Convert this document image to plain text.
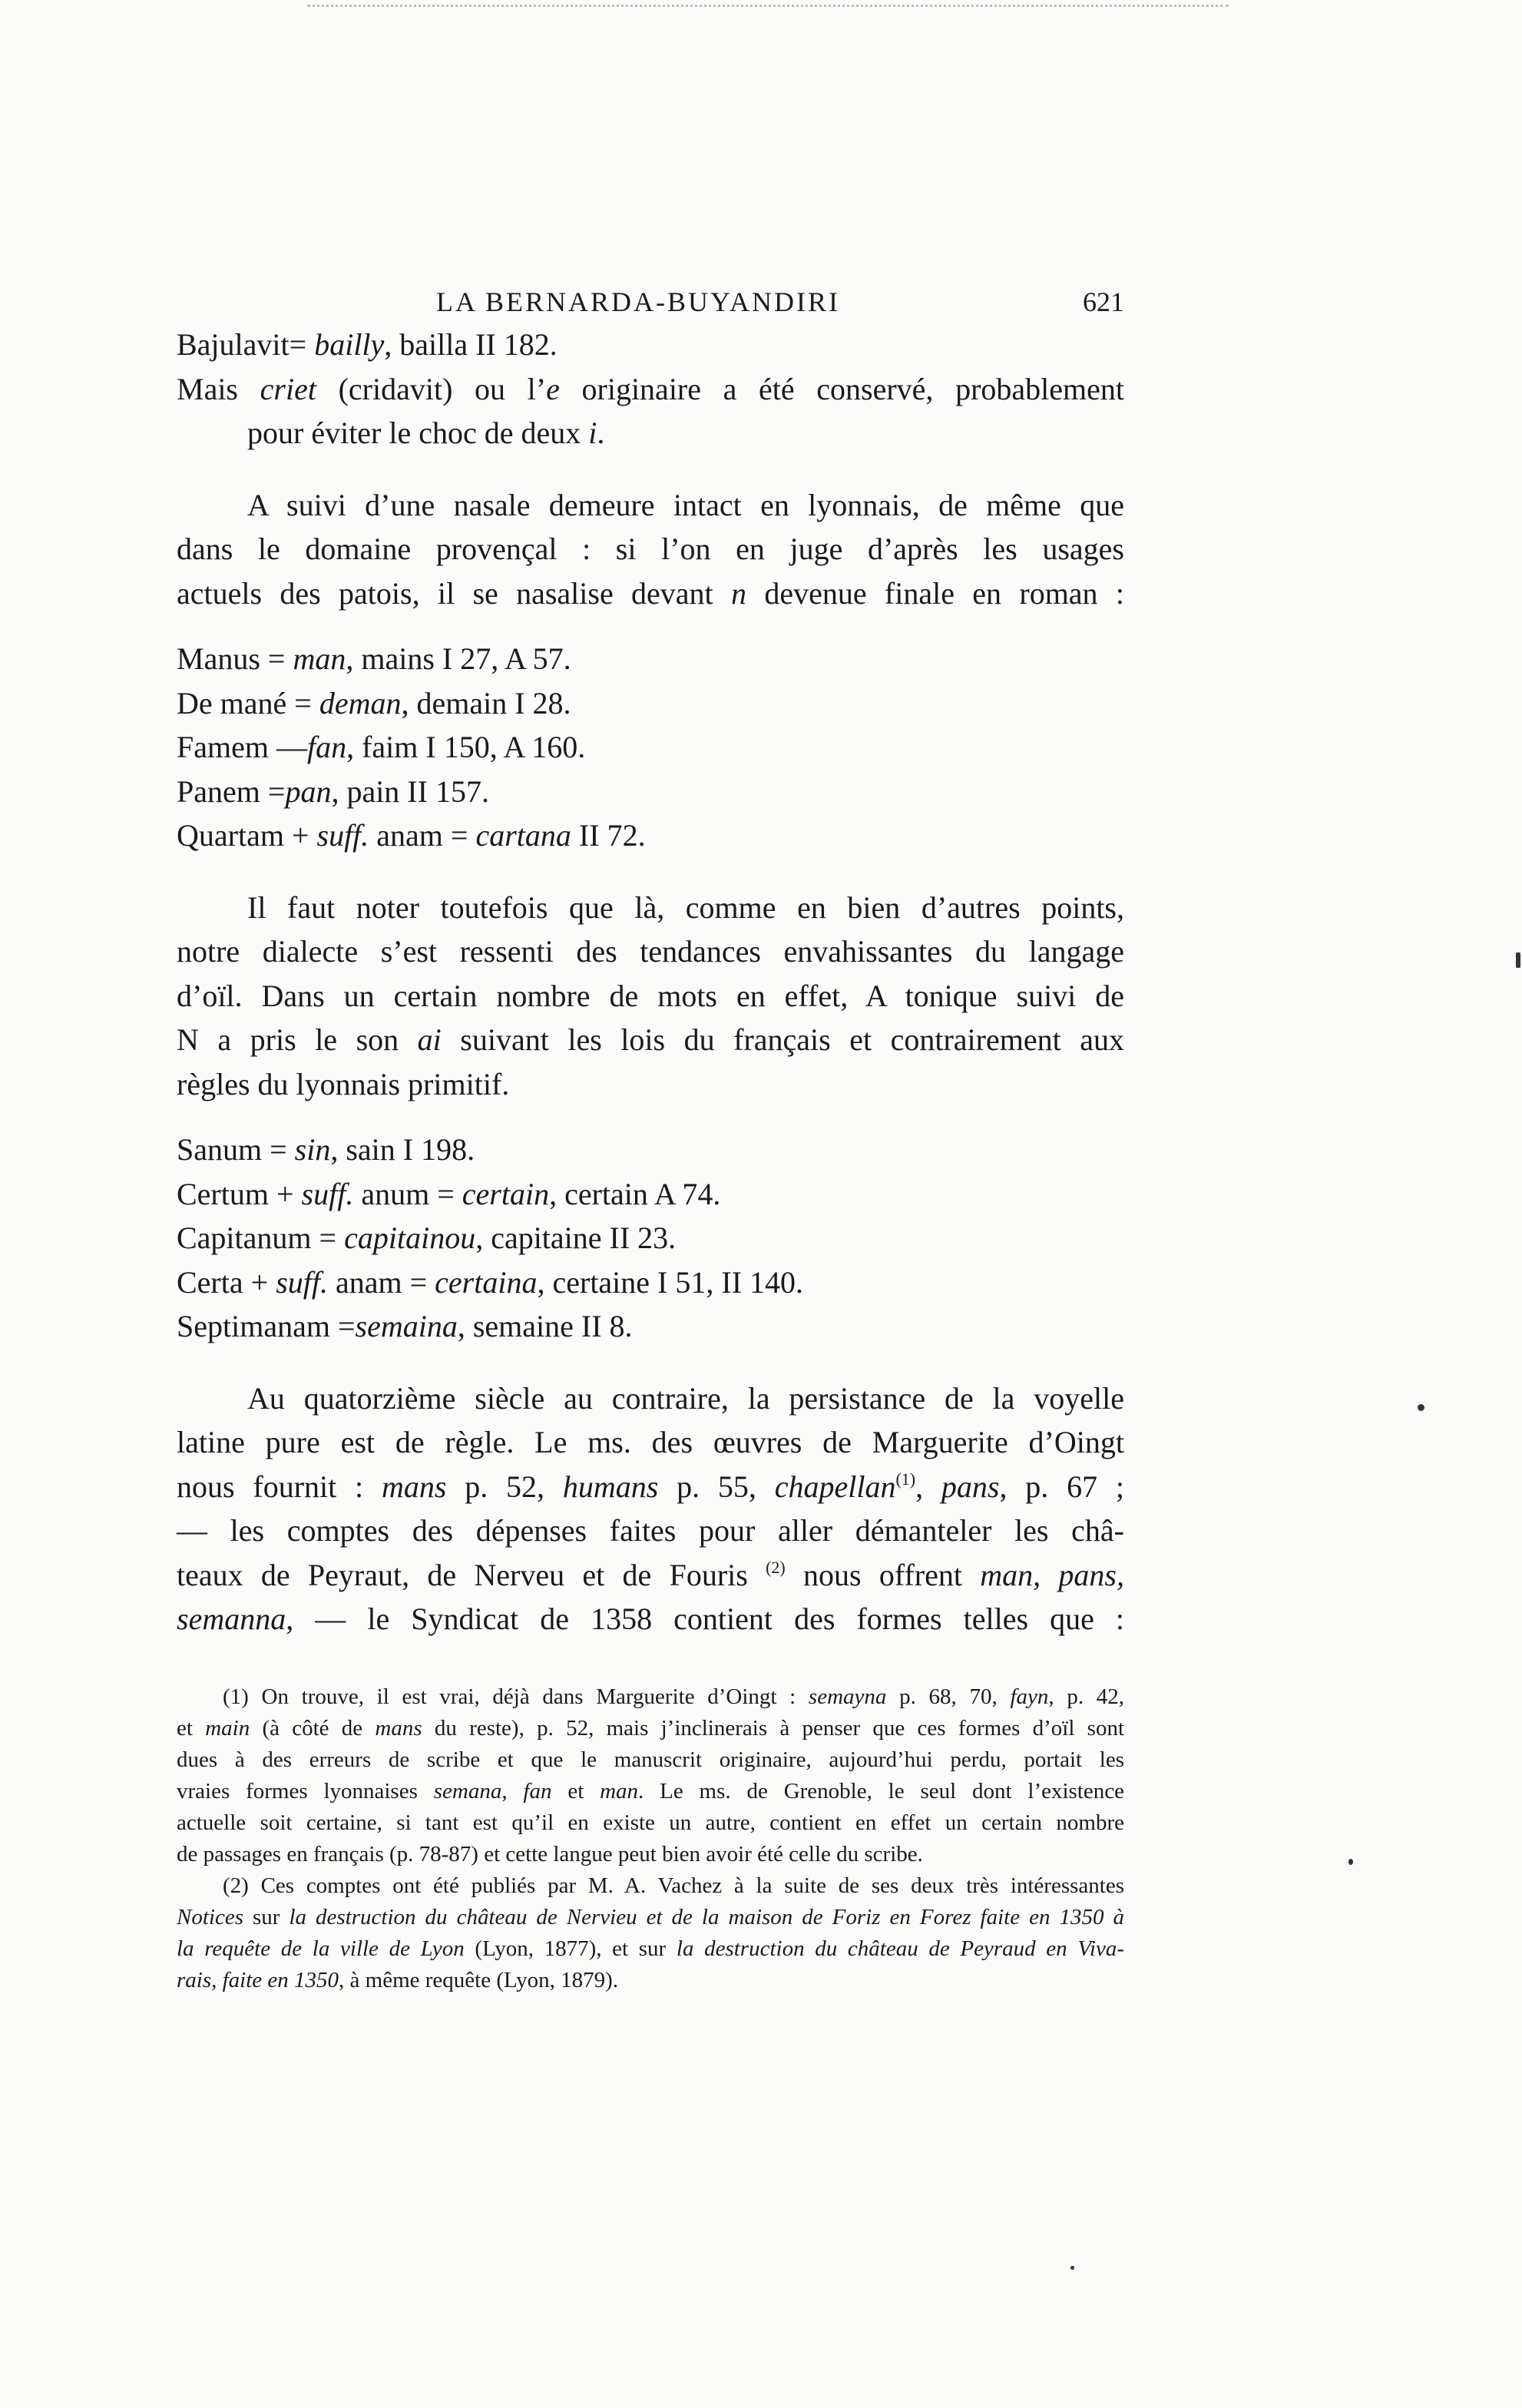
LA BERNARDA-BUYANDIRI	621
Bajulavit= bailly, bailla II 182.
Mais criet (cridavit) ou l’e originaire a été conservé, probablement
pour éviter le choc de deux i.
A suivi d’une nasale demeure intact en lyonnais, de même que
dans le domaine provençal : si l’on en juge d’après les usages
actuels des patois, il se nasalise devant n devenue finale en roman :
Manus = man, mains I 27, A 57.
De mané = deman, demain I 28.
Famem —fan, faim I 150, A 160.
Panem =pan, pain II 157.
Quartam + suff. anam = cartana II 72.
Il faut noter toutefois que là, comme en bien d’autres points,
notre dialecte s’est ressenti des tendances envahissantes du langage
d’oïl. Dans un certain nombre de mots en effet, A tonique suivi de
N a pris le son ai suivant les lois du français et contrairement aux
règles du lyonnais primitif.
Sanum = sin, sain I 198.
Certum + suff. anum = certain, certain A 74.
Capitanum = capitainou, capitaine II 23.
Certa + suff. anam = certaina, certaine I 51, II 140.
Septimanam =semaina, semaine II 8.
Au quatorzième siècle au contraire, la persistance de la voyelle
latine pure est de règle. Le ms. des œuvres de Marguerite d’Oingt
nous fournit : mans p. 52, humans p. 55, chapellan$^{(1)}$, pans, p. 67 ;
— les comptes des dépenses faites pour aller démanteler les châ-
teaux de Peyraut, de Nerveu et de Fouris $^{(2)}$ nous offrent man, pans,
semanna, — le Syndicat de 1358 contient des formes telles que :
(1) On trouve, il est vrai, déjà dans Marguerite d’Oingt : semayna p. 68, 70, fayn, p. 42,
et main (à côté de mans du reste), p. 52, mais j’inclinerais à penser que ces formes d’oïl sont
dues à des erreurs de scribe et que le manuscrit originaire, aujourd’hui perdu, portait les
vraies formes lyonnaises semana, fan et man. Le ms. de Grenoble, le seul dont l’existence
actuelle soit certaine, si tant est qu’il en existe un autre, contient en effet un certain nombre
de passages en français (p. 78-87) et cette langue peut bien avoir été celle du scribe.
(2) Ces comptes ont été publiés par M. A. Vachez à la suite de ses deux très intéressantes
Notices sur la destruction du château de Nervieu et de la maison de Foriz en Forez faite en 1350 à
la requête de la ville de Lyon (Lyon, 1877), et sur la destruction du château de Peyraud en Viva-
rais, faite en 1350, à même requête (Lyon, 1879).
